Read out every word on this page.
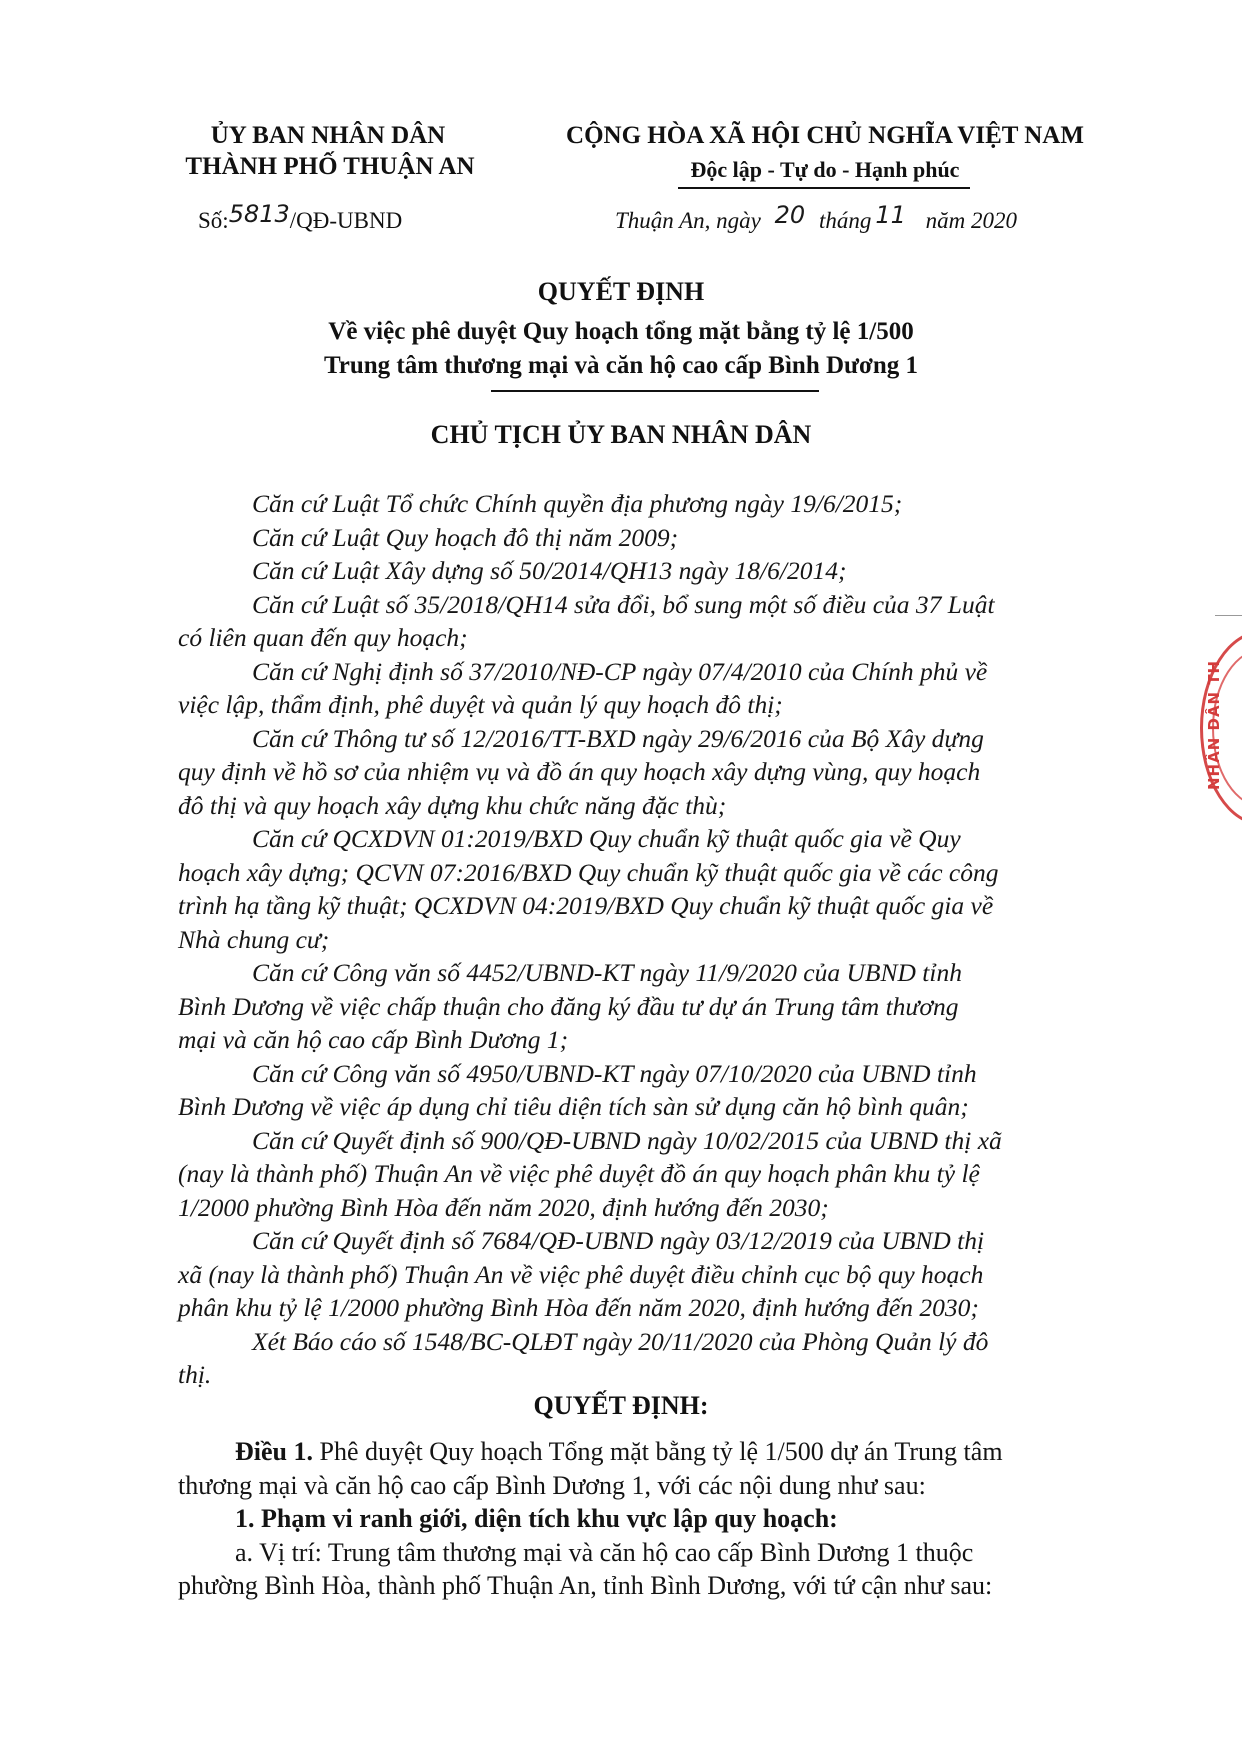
ỦY BAN NHÂN DÂN
THÀNH PHỐ THUẬN AN
Số:5813/QĐ-UBND
CỘNG HÒA XÃ HỘI CHỦ NGHĨA VIỆT NAM
Độc lập - Tự do - Hạnh phúc
Thuận An, ngày 20 tháng 11 năm 2020
QUYẾT ĐỊNH
Về việc phê duyệt Quy hoạch tổng mặt bằng tỷ lệ 1/500
Trung tâm thương mại và căn hộ cao cấp Bình Dương 1
CHỦ TỊCH ỦY BAN NHÂN DÂN
Căn cứ Luật Tổ chức Chính quyền địa phương ngày 19/6/2015;
Căn cứ Luật Quy hoạch đô thị năm 2009;
Căn cứ Luật Xây dựng số 50/2014/QH13 ngày 18/6/2014;
Căn cứ Luật số 35/2018/QH14 sửa đổi, bổ sung một số điều của 37 Luật
có liên quan đến quy hoạch;
Căn cứ Nghị định số 37/2010/NĐ-CP ngày 07/4/2010 của Chính phủ về
việc lập, thẩm định, phê duyệt và quản lý quy hoạch đô thị;
Căn cứ Thông tư số 12/2016/TT-BXD ngày 29/6/2016 của Bộ Xây dựng
quy định về hồ sơ của nhiệm vụ và đồ án quy hoạch xây dựng vùng, quy hoạch
đô thị và quy hoạch xây dựng khu chức năng đặc thù;
Căn cứ QCXDVN 01:2019/BXD Quy chuẩn kỹ thuật quốc gia về Quy
hoạch xây dựng; QCVN 07:2016/BXD Quy chuẩn kỹ thuật quốc gia về các công
trình hạ tầng kỹ thuật; QCXDVN 04:2019/BXD Quy chuẩn kỹ thuật quốc gia về
Nhà chung cư;
Căn cứ Công văn số 4452/UBND-KT ngày 11/9/2020 của UBND tỉnh
Bình Dương về việc chấp thuận cho đăng ký đầu tư dự án Trung tâm thương
mại và căn hộ cao cấp Bình Dương 1;
Căn cứ Công văn số 4950/UBND-KT ngày 07/10/2020 của UBND tỉnh
Bình Dương về việc áp dụng chỉ tiêu diện tích sàn sử dụng căn hộ bình quân;
Căn cứ Quyết định số 900/QĐ-UBND ngày 10/02/2015 của UBND thị xã
(nay là thành phố) Thuận An về việc phê duyệt đồ án quy hoạch phân khu tỷ lệ
1/2000 phường Bình Hòa đến năm 2020, định hướng đến 2030;
Căn cứ Quyết định số 7684/QĐ-UBND ngày 03/12/2019 của UBND thị
xã (nay là thành phố) Thuận An về việc phê duyệt điều chỉnh cục bộ quy hoạch
phân khu tỷ lệ 1/2000 phường Bình Hòa đến năm 2020, định hướng đến 2030;
Xét Báo cáo số 1548/BC-QLĐT ngày 20/11/2020 của Phòng Quản lý đô
thị.
QUYẾT ĐỊNH:
Điều 1. Phê duyệt Quy hoạch Tổng mặt bằng tỷ lệ 1/500 dự án Trung tâm
thương mại và căn hộ cao cấp Bình Dương 1, với các nội dung như sau:
1. Phạm vi ranh giới, diện tích khu vực lập quy hoạch:
a. Vị trí: Trung tâm thương mại và căn hộ cao cấp Bình Dương 1 thuộc
phường Bình Hòa, thành phố Thuận An, tỉnh Bình Dương, với tứ cận như sau:
NHÂN DÂN TH
